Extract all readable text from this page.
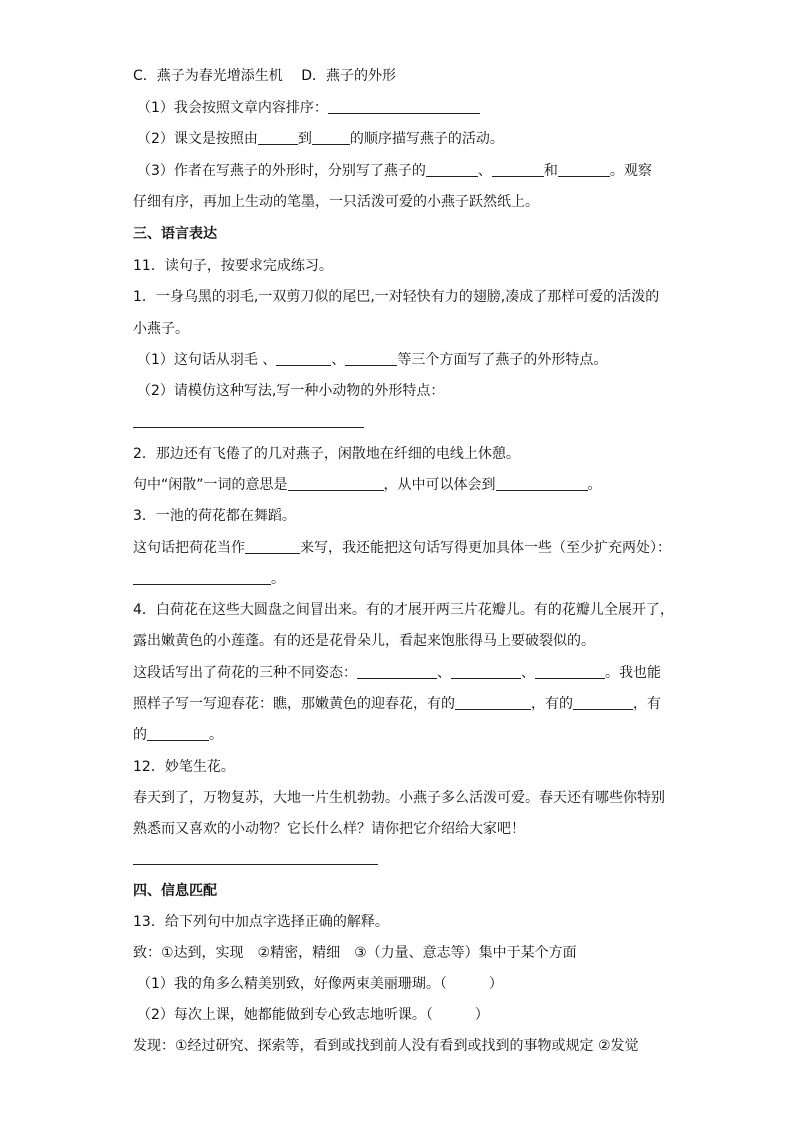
C．燕子为春光增添生机　 D．燕子的外形
（1）我会按照文章内容排序：
（2）课文是按照由	到	的顺序描写燕子的活动。
（3）作者在写燕子的外形时，分别写了燕子的	、	和	。观察
仔细有序，再加上生动的笔墨，一只活泼可爱的小燕子跃然纸上。
三、语言表达
11．读句子，按要求完成练习。
1．一身乌黑的羽毛,一双剪刀似的尾巴,一对轻快有力的翅膀,凑成了那样可爱的活泼的
小燕子。
（1）这句话从羽毛 、	、	等三个方面写了燕子的外形特点。
（2）请模仿这种写法,写一种小动物的外形特点：
2．那边还有飞倦了的几对燕子，闲散地在纤细的电线上休憩。
句中“闲散”一词的意思是	，从中可以体会到	。
3．一池的荷花都在舞蹈。
这句话把荷花当作	来写，我还能把这句话写得更加具体一些（至少扩充两处）：
。
4．白荷花在这些大圆盘之间冒出来。有的才展开两三片花瓣儿。有的花瓣儿全展开了，
露出嫩黄色的小莲蓬。有的还是花骨朵儿，看起来饱胀得马上要破裂似的。
这段话写出了荷花的三种不同姿态：	、	、	。我也能
照样子写一写迎春花：瞧，那嫩黄色的迎春花，有的	，有的	，有
的	。
12．妙笔生花。
春天到了，万物复苏，大地一片生机勃勃。小燕子多么活泼可爱。春天还有哪些你特别
熟悉而又喜欢的小动物？它长什么样？请你把它介绍给大家吧！
四、信息匹配
13．给下列句中加点字选择正确的解释。
致：①达到，实现　②精密，精细　③（力量、意志等）集中于某个方面
（1）我的角多么精美别致，好像两束美丽珊瑚。（　　　）
（2）每次上课，她都能做到专心致志地听课。（　　　）
发现：①经过研究、探索等，看到或找到前人没有看到或找到的事物或规定 ②发觉
